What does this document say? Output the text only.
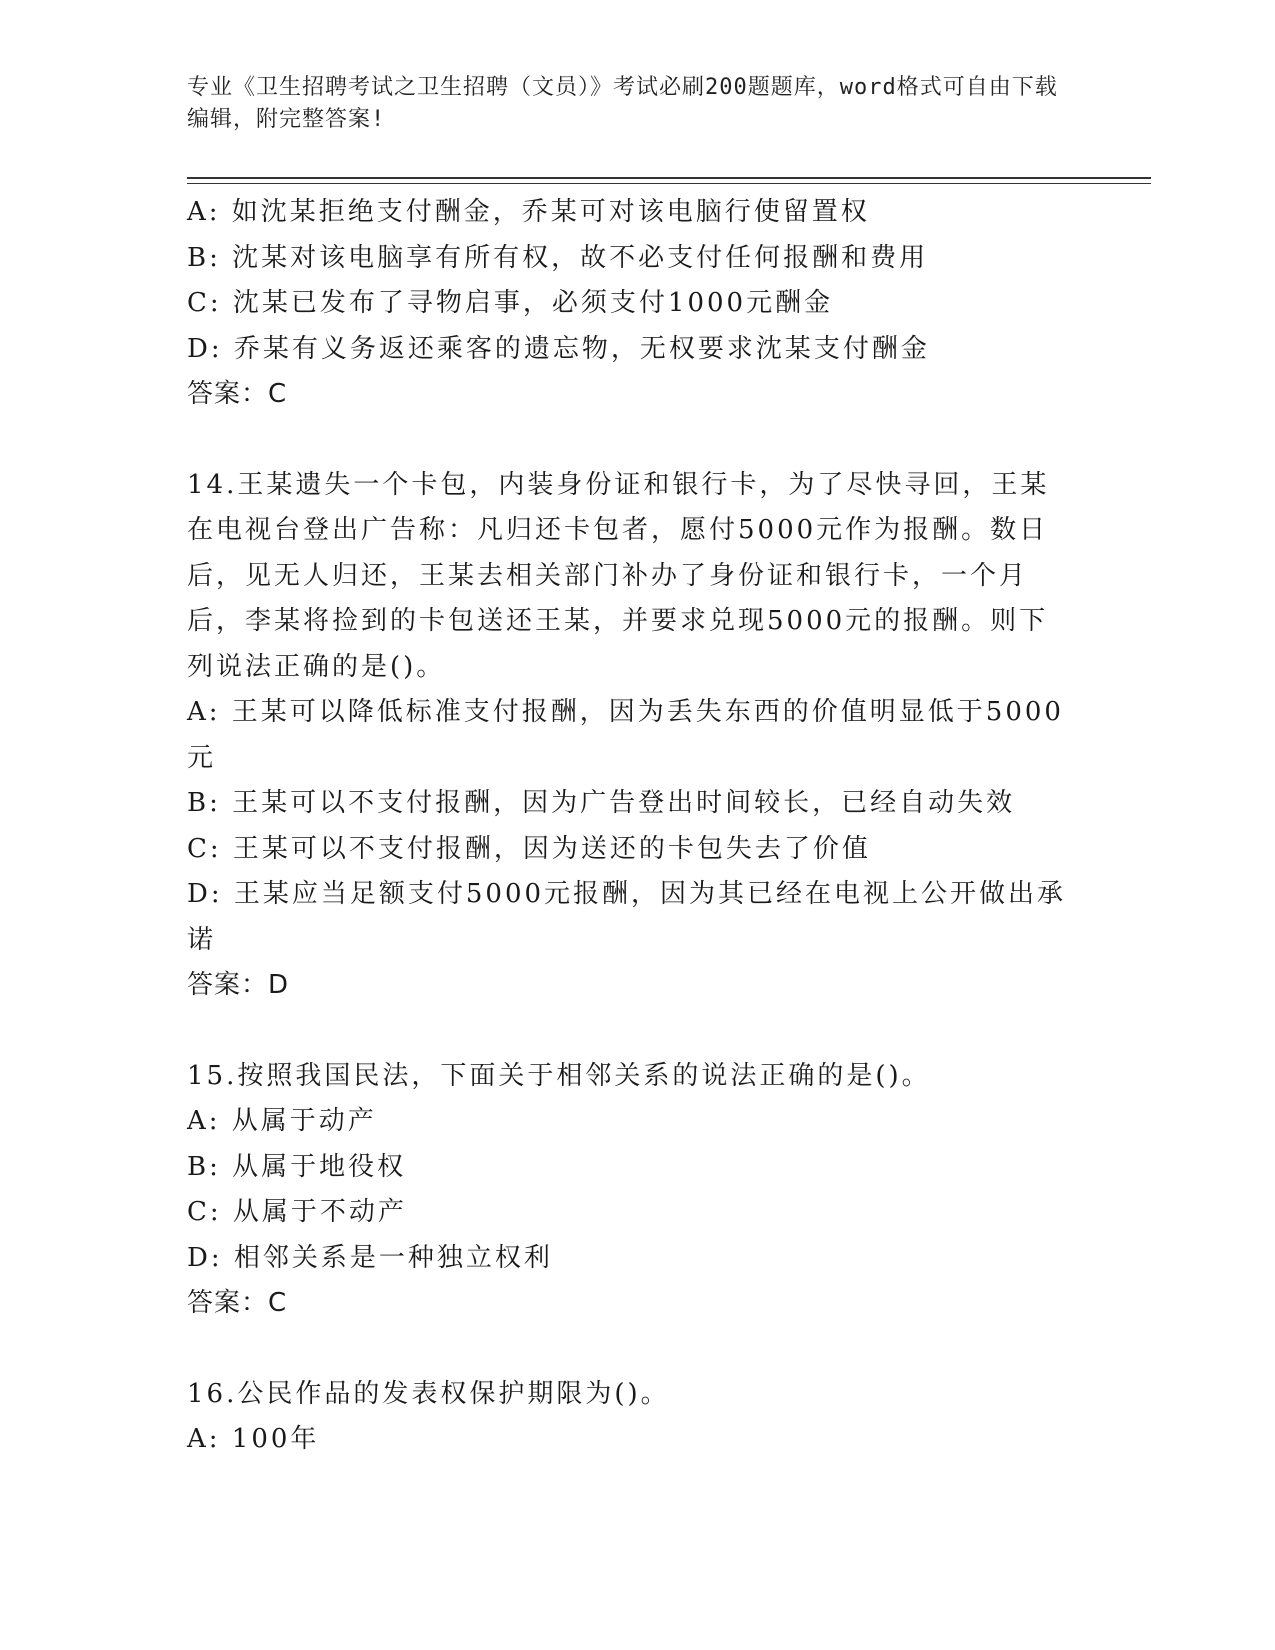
专业《卫生招聘考试之卫生招聘（文员）》考试必刷200题题库，word格式可自由下载编辑，附完整答案!
A: 如沈某拒绝支付酬金，乔某可对该电脑行使留置权
B: 沈某对该电脑享有所有权，故不必支付任何报酬和费用
C: 沈某已发布了寻物启事，必须支付1000元酬金
D: 乔某有义务返还乘客的遗忘物，无权要求沈某支付酬金
答案：C
14.王某遗失一个卡包，内装身份证和银行卡，为了尽快寻回，王某在电视台登出广告称：凡归还卡包者，愿付5000元作为报酬。数日后，见无人归还，王某去相关部门补办了身份证和银行卡，一个月后，李某将捡到的卡包送还王某，并要求兑现5000元的报酬。则下列说法正确的是()。
A: 王某可以降低标准支付报酬，因为丢失东西的价值明显低于5000元
B: 王某可以不支付报酬，因为广告登出时间较长，已经自动失效
C: 王某可以不支付报酬，因为送还的卡包失去了价值
D: 王某应当足额支付5000元报酬，因为其已经在电视上公开做出承诺
答案：D
15.按照我国民法，下面关于相邻关系的说法正确的是()。
A: 从属于动产
B: 从属于地役权
C: 从属于不动产
D: 相邻关系是一种独立权利
答案：C
16.公民作品的发表权保护期限为()。
A: 100年
